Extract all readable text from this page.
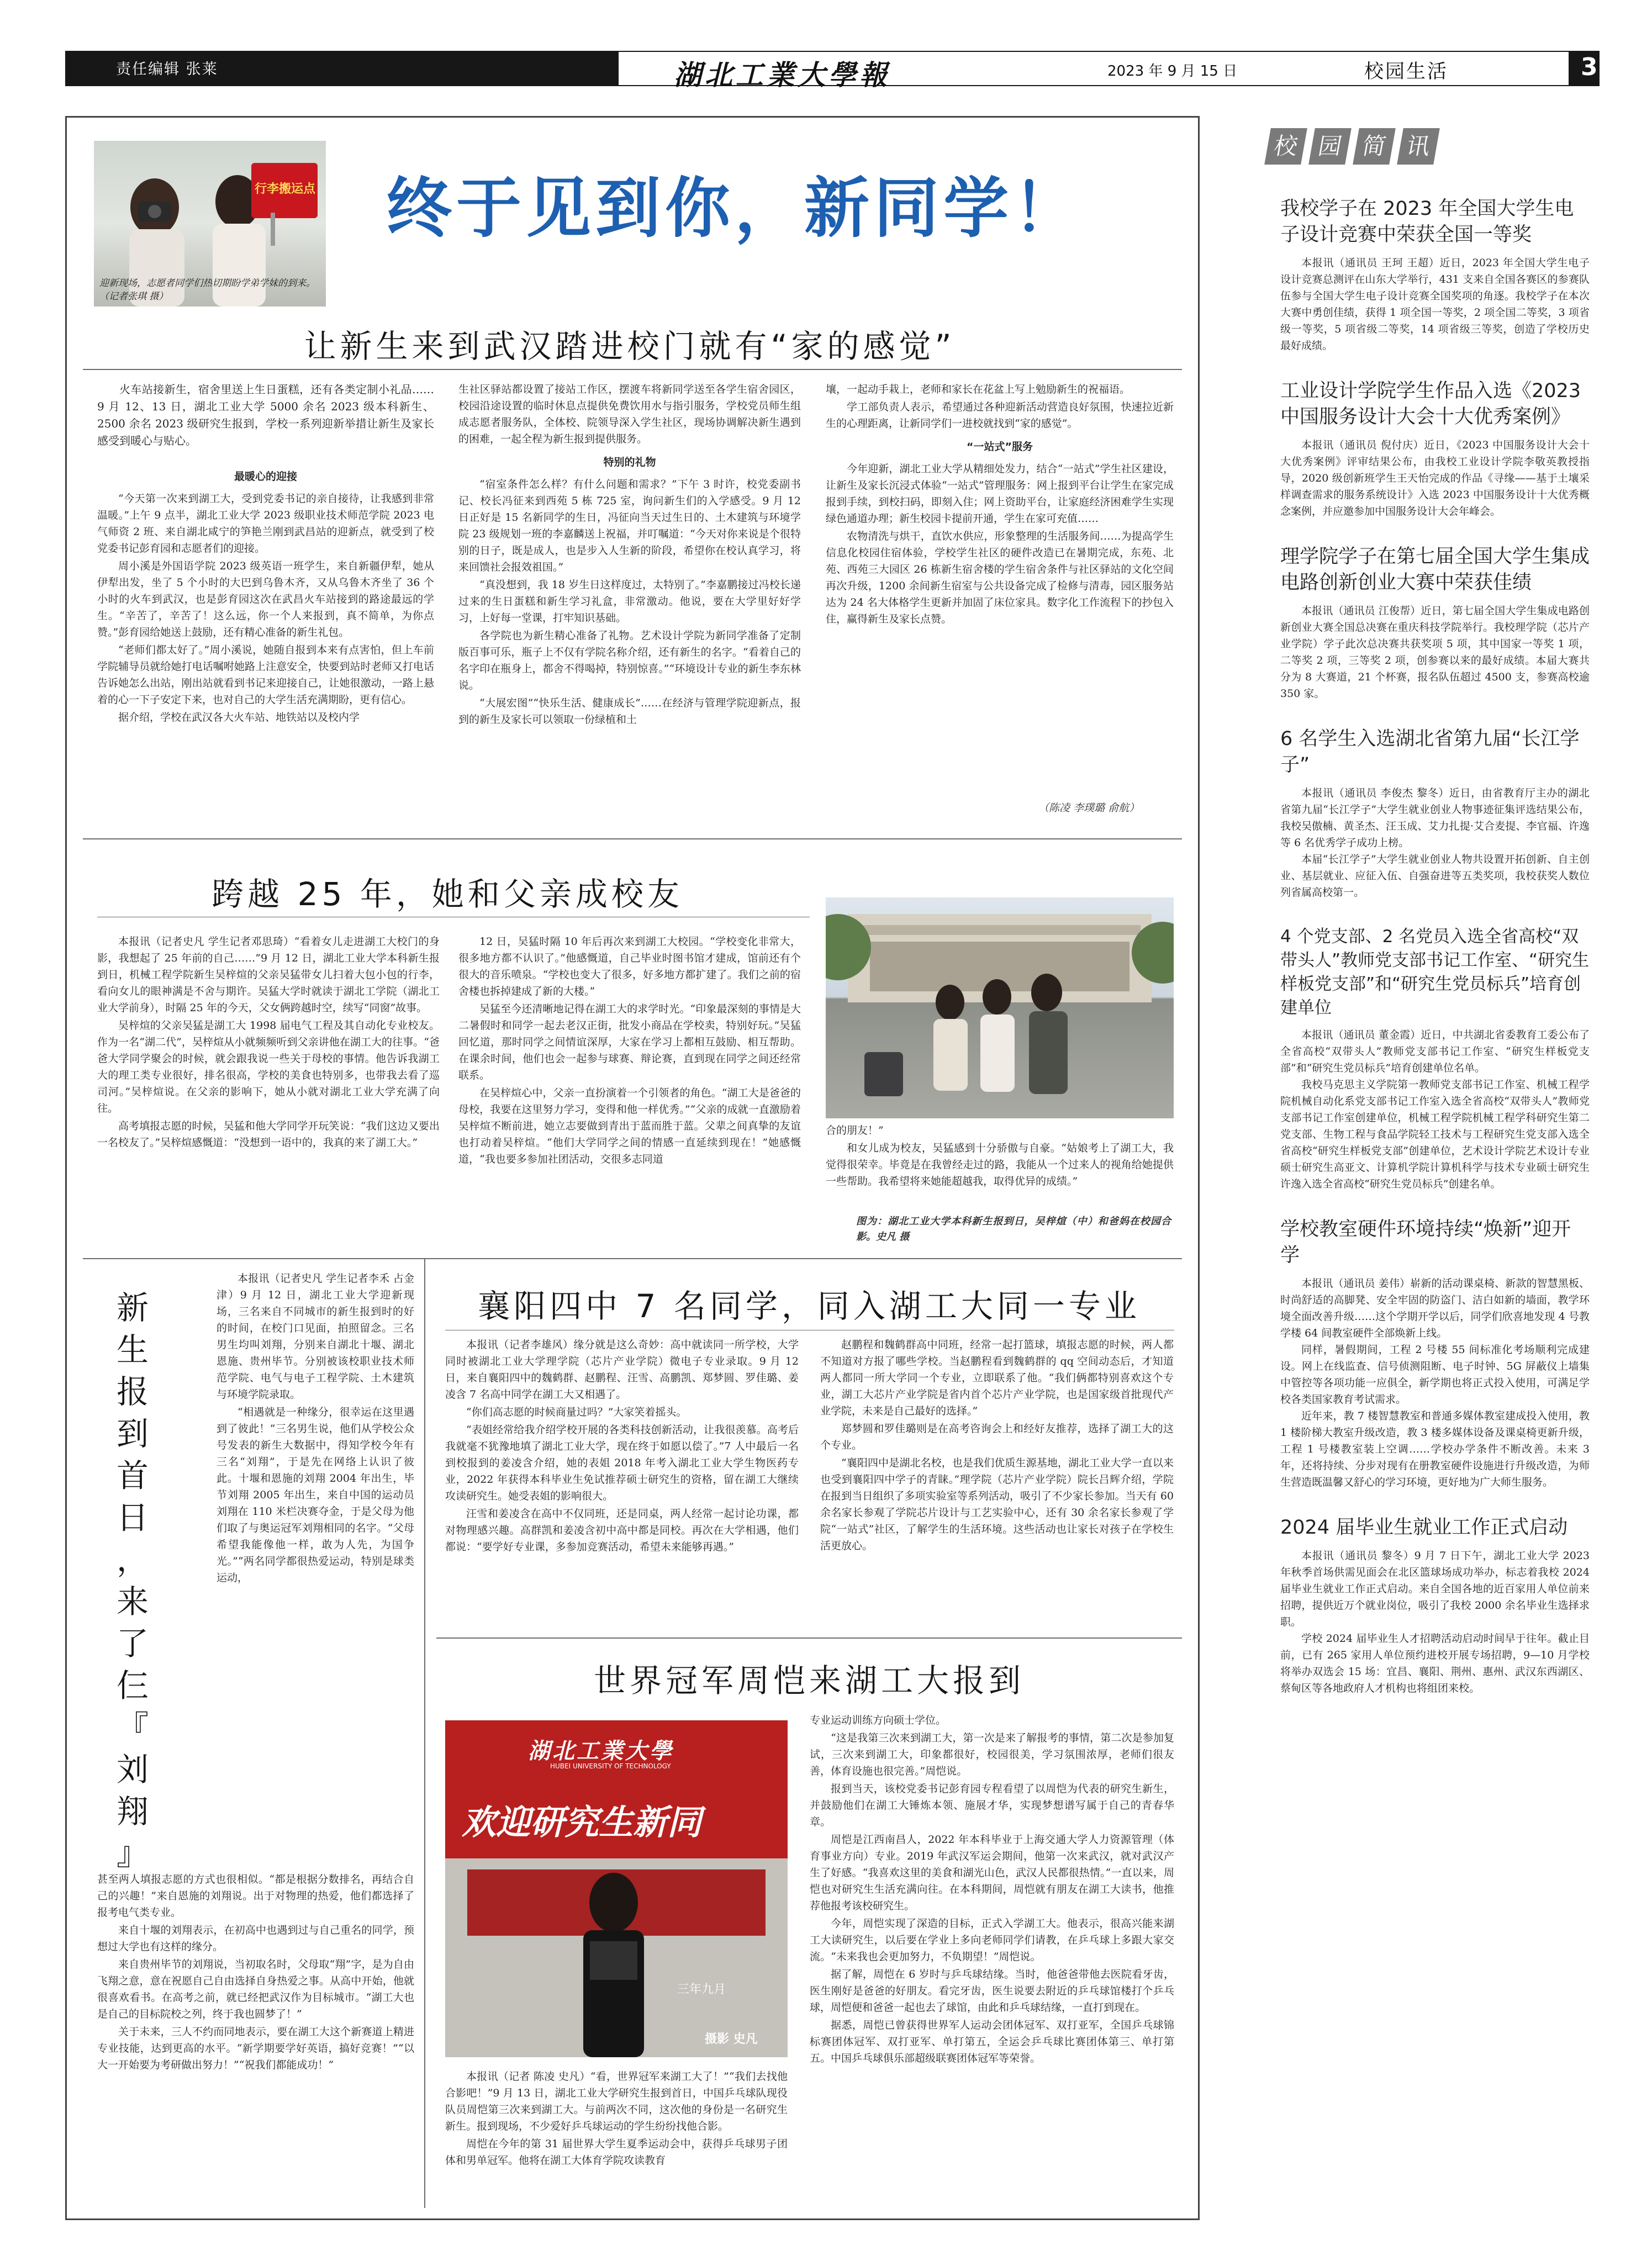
责任编辑 张莱	湖北工業大學報	2023 年 9 月 15 日	校园生活	3
行李搬运点
迎新现场，志愿者同学们热切期盼学弟学妹的到来。（记者张琪 摄）
终于见到你，新同学！
让新生来到武汉踏进校门就有“家的感觉”
火车站接新生，宿舍里送上生日蛋糕，还有各类定制小礼品……9 月 12、13 日，湖北工业大学 5000 余名 2023 级本科新生、2500 余名 2023 级研究生报到，学校一系列迎新举措让新生及家长感受到暖心与贴心。
最暖心的迎接

“今天第一次来到湖工大，受到党委书记的亲自接待，让我感到非常温暖。”上午 9 点半，湖北工业大学 2023 级职业技术师范学院 2023 电气师资 2 班、来自湖北咸宁的笋艳兰刚到武昌站的迎新点，就受到了校党委书记彭育园和志愿者们的迎接。

周小溪是外国语学院 2023 级英语一班学生，来自新疆伊犁，她从伊犁出发，坐了 5 个小时的大巴到乌鲁木齐，又从乌鲁木齐坐了 36 个小时的火车到武汉，也是彭育园这次在武昌火车站接到的路途最远的学生。“辛苦了，辛苦了！这么远，你一个人来报到，真不简单，为你点赞。”彭育园给她送上鼓励，还有精心准备的新生礼包。

“老师们都太好了。”周小溪说，她随自报到本来有点害怕，但上车前学院辅导员就给她打电话嘱咐她路上注意安全，快要到站时老师又打电话告诉她怎么出站，刚出站就看到书记来迎接自己，让她很激动，一路上悬着的心一下子安定下来，也对自己的大学生活充满期盼，更有信心。

据介绍，学校在武汉各大火车站、地铁站以及校内学

生社区驿站都设置了接站工作区，摆渡车将新同学送至各学生宿舍园区，校园沿途设置的临时休息点提供免费饮用水与指引服务，学校党员师生组成志愿者服务队，全体校、院领导深入学生社区，现场协调解决新生遇到的困难，一起全程为新生报到提供服务。

特别的礼物

“宿室条件怎么样？有什么问题和需求？”下午 3 时许，校党委副书记、校长冯征来到西苑 5 栋 725 室，询问新生们的入学感受。9 月 12 日正好是 15 名新同学的生日，冯征向当天过生日的、土木建筑与环境学院 23 级规划一班的李嘉麟送上祝福，并叮嘱道：“今天对你来说是个很特别的日子，既是成人，也是步入人生新的阶段，希望你在校认真学习，将来回馈社会报效祖国。”

“真没想到，我 18 岁生日这样度过，太特别了。”李嘉鹏接过冯校长递过来的生日蛋糕和新生学习礼盒，非常激动。他说，要在大学里好好学习，上好每一堂课，打牢知识基础。

各学院也为新生精心准备了礼物。艺术设计学院为新同学准备了定制版百事可乐，瓶子上不仅有学院名称介绍，还有新生的名字。“看着自己的名字印在瓶身上，都舍不得喝掉，特别惊喜。”“环境设计专业的新生李东林说。

“大展宏图”“快乐生活、健康成长”……在经济与管理学院迎新点，报到的新生及家长可以领取一份绿植和土

壤，一起动手栽上，老师和家长在花盆上写上勉励新生的祝福语。

学工部负责人表示，希望通过各种迎新活动营造良好氛围，快速拉近新生的心理距离，让新同学们一进校就找到“家的感觉”。

“一站式”服务

今年迎新，湖北工业大学从精细处发力，结合“一站式”学生社区建设，让新生及家长沉浸式体验“一站式”管理服务：网上报到平台让学生在家完成报到手续，到校扫码，即刻入住；网上资助平台，让家庭经济困难学生实现绿色通道办理；新生校园卡提前开通，学生在家可充值……

农物清洗与烘干，直饮水供应，形象整理的生活服务间……为提高学生信息化校园住宿体验，学校学生社区的硬件改造已在暑期完成，东苑、北苑、西苑三大园区 26 栋新生宿舍楼的学生宿舍条件与社区驿站的文化空间再次升级，1200 余间新生宿室与公共设备完成了检修与清毒，园区服务站达为 24 名大体格学生更新并加固了床位家具。数字化工作流程下的抄包入住，赢得新生及家长点赞。

（陈凌 李璞璐 俞航）
跨越 25 年，她和父亲成校友

本报讯（记者史凡 学生记者邓思琦）“看着女儿走进湖工大校门的身影，我想起了 25 年前的自己……”9 月 12 日，湖北工业大学本科新生报到日，机械工程学院新生吴梓煊的父亲吴猛带女儿扫着大包小包的行李，看向女儿的眼神满是不舍与期许。吴猛大学时就读于湖北工学院（湖北工业大学前身），时隔 25 年的今天，父女俩跨越时空，续写“同窗”故事。

吴梓煊的父亲吴猛是湖工大 1998 届电气工程及其自动化专业校友。作为一名“湖二代”，吴梓煊从小就频频听到父亲讲他在湖工大的往事。“爸爸大学同学聚会的时候，就会跟我说一些关于母校的事情。他告诉我湖工大的理工类专业很好，排名很高，学校的美食也特别多，也带我去看了巡司河。”吴梓煊说。在父亲的影响下，她从小就对湖北工业大学充满了向往。

高考填报志愿的时候，吴猛和他大学同学开玩笑说：“我们这边又要出一名校友了。”吴梓煊感慨道：“没想到一语中的，我真的来了湖工大。”

12 日，吴猛时隔 10 年后再次来到湖工大校园。“学校变化非常大，很多地方都不认识了。”他感慨道，自己毕业时图书馆才建成，馆前还有个很大的音乐喷泉。“学校也变大了很多，好多地方都扩建了。我们之前的宿舍楼也拆掉建成了新的大楼。”

吴猛至今还清晰地记得在湖工大的求学时光。“印象最深刻的事情是大二暑假时和同学一起去老汉正街，批发小商品在学校卖，特别好玩。”吴猛回忆道，那时同学之间情谊深厚，大家在学习上都相互鼓励、相互帮助。在课余时间，他们也会一起参与球赛、辩论赛，直到现在同学之间还经常联系。

在吴梓煊心中，父亲一直扮演着一个引领者的角色。“湖工大是爸爸的母校，我要在这里努力学习，变得和他一样优秀。”“父亲的成就一直激励着吴梓煊不断前进，她立志要做到青出于蓝而胜于蓝。父辈之间真挚的友谊也打动着吴梓煊。“他们大学同学之间的情感一直延续到现在！”她感慨道，“我也要多参加社团活动，交很多志同道

合的朋友！”

和女儿成为校友，吴猛感到十分骄傲与自豪。“姑娘考上了湖工大，我觉得很荣幸。毕竟是在我曾经走过的路，我能从一个过来人的视角给她提供一些帮助。我希望将来她能超越我，取得优异的成绩。”

图为：湖北工业大学本科新生报到日，吴梓煊（中）和爸妈在校园合影。史凡 摄
新
生
报
到
首
日
，
来
了
仨
『
刘
翔
』

本报讯（记者史凡 学生记者李禾 占金津）9 月 12 日，湖北工业大学迎新现场，三名来自不同城市的新生报到时的好的时间，在校门口见面，拍照留念。三名男生均叫刘翔，分别来自湖北十堰、湖北恩施、贵州毕节。分别被该校职业技术师范学院、电气与电子工程学院、土木建筑与环境学院录取。

“相遇就是一种缘分，很幸运在这里遇到了彼此！”三名男生说，他们从学校公众号发表的新生大数据中，得知学校今年有三名“刘翔”，于是先在网络上认识了彼此。十堰和恩施的刘翔 2004 年出生，毕节刘翔 2005 年出生，来自中国的运动员刘翔在 110 米栏决赛夺金，于是父母为他们取了与奥运冠军刘翔相同的名字。“父母希望我能像他一样，敢为人先，为国争光。”“两名同学都很热爱运动，特别是球类运动，

甚至两人填报志愿的方式也很相似。“都是根据分数排名，再结合自己的兴趣！”来自恩施的刘翔说。出于对物理的热爱，他们都选择了报考电气类专业。

来自十堰的刘翔表示，在初高中也遇到过与自己重名的同学，预想过大学也有这样的缘分。

来自贵州毕节的刘翔说，当初取名时，父母取“翔”字，是为自由飞翔之意，意在祝愿自己自由选择自身热爱之事。从高中开始，他就很喜欢看书。在高考之前，就已经把武汉作为目标城市。“湖工大也是自己的目标院校之列，终于我也圆梦了！”

关于未来，三人不约而同地表示，要在湖工大这个新赛道上精进专业技能，达到更高的水平。“新学期要学好英语，搞好竞赛！”“以大一开始要为考研做出努力！”“祝我们都能成功！”

襄阳四中 7 名同学，同入湖工大同一专业

本报讯（记者李雄风）缘分就是这么奇妙：高中就读同一所学校，大学同时被湖北工业大学理学院（芯片产业学院）微电子专业录取。9 月 12 日，来自襄阳四中的魏鹤群、赵鹏程、汪雪、高鹏凯、郑梦圆、罗佳璐、姜凌含 7 名高中同学在湖工大又相遇了。

“你们高志愿的时候商量过吗？”大家笑着摇头。

“表姐经常给我介绍学校开展的各类科技创新活动，让我很羡慕。高考后我就毫不犹豫地填了湖北工业大学，现在终于如愿以偿了。”7 人中最后一名到校报到的姜凌含介绍，她的表姐 2018 年考入湖北工业大学生物医药专业，2022 年获得本科毕业生免试推荐硕士研究生的资格，留在湖工大继续攻读研究生。她受表姐的影响很大。

汪雪和姜凌含在高中不仅同班，还是同桌，两人经常一起讨论功课，都对物理感兴趣。高群凯和姜凌含初中高中都是同校。再次在大学相遇，他们都说：“要学好专业课，多参加竞赛活动，希望未来能够再遇。”

赵鹏程和魏鹤群高中同班，经常一起打篮球，填报志愿的时候，两人都不知道对方报了哪些学校。当赵鹏程看到魏鹤群的 qq 空间动态后，才知道两人都同一所大学同一个专业，立即联系了他。“我们俩都特别喜欢这个专业，湖工大芯片产业学院是省内首个芯片产业学院，也是国家级首批现代产业学院，未来是自己最好的选择。”

郑梦圆和罗佳璐则是在高考咨询会上和经好友推荐，选择了湖工大的这个专业。

“襄阳四中是湖北名校，也是我们优质生源基地，湖北工业大学一直以来也受到襄阳四中学子的青睐。”理学院（芯片产业学院）院长吕辉介绍，学院在报到当日组织了多项实验室等系列活动，吸引了不少家长参加。当天有 60 余名家长参观了学院芯片设计与工艺实验中心，还有 30 余名家长参观了学院“一站式”社区，了解学生的生活环境。这些活动也让家长对孩子在学校生活更放心。

世界冠军周恺来湖工大报到
湖北工業大學
HUBEI UNIVERSITY OF TECHNOLOGY
欢迎研究生新同
三年九月
摄影 史凡

本报讯（记者 陈凌 史凡）“看，世界冠军来湖工大了！”“我们去找他合影吧！”9 月 13 日，湖北工业大学研究生报到首日，中国乒乓球队现役队员周恺第三次来到湖工大。与前两次不同，这次他的身份是一名研究生新生。报到现场，不少爱好乒乓球运动的学生纷纷找他合影。

周恺在今年的第 31 届世界大学生夏季运动会中，获得乒乓球男子团体和男单冠军。他将在湖工大体育学院攻读教育

专业运动训练方向硕士学位。

“这是我第三次来到湖工大，第一次是来了解报考的事情，第二次是参加复试，三次来到湖工大，印象都很好，校园很美，学习氛围浓厚，老师们很友善，体育设施也很完善。”周恺说。

报到当天，该校党委书记彭育园专程看望了以周恺为代表的研究生新生，并鼓励他们在湖工大锤炼本领、施展才华，实现梦想谱写属于自己的青春华章。

周恺是江西南昌人，2022 年本科毕业于上海交通大学人力资源管理（体育事业方向）专业。2019 年武汉军运会期间，他第一次来武汉，就对武汉产生了好感。“我喜欢这里的美食和湖光山色，武汉人民都很热情。”一直以来，周恺也对研究生生活充满向往。在本科期间，周恺就有朋友在湖工大读书，他推荐他报考该校研究生。

今年，周恺实现了深造的目标，正式入学湖工大。他表示，很高兴能来湖工大读研究生，以后要在学业上多向老师同学们请教，在乒乓球上多跟大家交流。“未来我也会更加努力，不负期望！”周恺说。

据了解，周恺在 6 岁时与乒乓球结缘。当时，他爸爸带他去医院看牙齿，医生刚好是爸爸的好朋友。看完牙齿，医生说要去附近的乒乓球馆楼打个乒乓球，周恺便和爸爸一起也去了球馆，由此和乒乓球结缘，一直打到现在。

据悉，周恺已曾获得世界军人运动会团体冠军、双打亚军，全国乒乓球锦标赛团体冠军、双打亚军、单打第五，全运会乒乓球比赛团体第三、单打第五。中国乒乓球俱乐部超级联赛团体冠军等荣誉。

校 园 简 讯
我校学子在 2023 年全国大学生电子设计竞赛中荣获全国一等奖
本报讯（通讯员 王珂 王超）近日，2023 年全国大学生电子设计竞赛总测评在山东大学举行，431 支来自全国各赛区的参赛队伍参与全国大学生电子设计竞赛全国奖项的角逐。我校学子在本次大赛中勇创佳绩，获得 1 项全国一等奖，2 项全国二等奖，3 项省级一等奖，5 项省级二等奖，14 项省级三等奖，创造了学校历史最好成绩。
工业设计学院学生作品入选《2023 中国服务设计大会十大优秀案例》
本报讯（通讯员 倪付庆）近日，《2023 中国服务设计大会十大优秀案例》评审结果公布，由我校工业设计学院李敬英教授指导，2020 级创新班学生王天怡完成的作品《寻缘——基于土壤采样调查需求的服务系统设计》入选 2023 中国服务设计十大优秀概念案例，并应邀参加中国服务设计大会年峰会。
理学院学子在第七届全国大学生集成电路创新创业大赛中荣获佳绩
本报讯（通讯员 江俊帮）近日，第七届全国大学生集成电路创新创业大赛全国总决赛在重庆科技学院举行。我校理学院（芯片产业学院）学子此次总决赛共获奖项 5 项，其中国家一等奖 1 项，二等奖 2 项，三等奖 2 项，创参赛以来的最好成绩。本届大赛共分为 8 大赛道，21 个杯赛，报名队伍超过 4500 支，参赛高校逾 350 家。
6 名学生入选湖北省第九届“长江学子”
本报讯（通讯员 李俊杰 黎冬）近日，由省教育厅主办的湖北省第九届“长江学子”大学生就业创业人物事迹征集评选结果公布，我校吴傲楠、黄圣杰、汪玉成、艾力扎提·艾合麦提、李官福、许逸等 6 名优秀学子成功上榜。
本届“长江学子”大学生就业创业人物共设置开拓创新、自主创业、基层就业、应征入伍、自强奋进等五类奖项，我校获奖人数位列省属高校第一。
4 个党支部、2 名党员入选全省高校“双带头人”教师党支部书记工作室、“研究生样板党支部”和“研究生党员标兵”培育创建单位
本报讯（通讯员 董金霞）近日，中共湖北省委教育工委公布了全省高校“双带头人”教师党支部书记工作室、“研究生样板党支部”和“研究生党员标兵”培育创建单位名单。
我校马克思主义学院第一教师党支部书记工作室、机械工程学院机械自动化系党支部书记工作室入选全省高校“双带头人”教师党支部书记工作室创建单位，机械工程学院机械工程学科研究生第二党支部、生物工程与食品学院轻工技术与工程研究生党支部入选全省高校“研究生样板党支部”创建单位，艺术设计学院艺术设计专业硕士研究生高亚文、计算机学院计算机科学与技术专业硕士研究生许逸入选全省高校“研究生党员标兵”创建名单。
学校教室硬件环境持续“焕新”迎开学
本报讯（通讯员 姜伟）崭新的活动课桌椅、新款的智慧黑板、时尚舒适的高脚凳、安全牢固的防盗门、洁白如新的墙面，教学环境全面改善升级……这个学期开学以后，同学们欣喜地发现 4 号教学楼 64 间教室硬件全部焕新上线。
同样，暑假期间，工程 2 号楼 55 间标准化考场顺利完成建设。网上在线监查、信号侦测阻断、电子时钟、5G 屏蔽仪上墙集中管控等各项功能一应俱全，新学期也将正式投入使用，可满足学校各类国家教育考试需求。
近年来，教 7 楼智慧教室和普通多媒体教室建成投入使用，教 1 楼阶梯大教室升级改造，教 3 楼多媒体设备及课桌椅更新升级，工程 1 号楼教室装上空调……学校办学条件不断改善。未来 3 年，还将持续、分步对现有在册教室硬件设施进行升级改造，为师生营造既温馨又舒心的学习环境，更好地为广大师生服务。
2024 届毕业生就业工作正式启动
本报讯（通讯员 黎冬）9 月 7 日下午，湖北工业大学 2023 年秋季首场供需见面会在北区篮球场成功举办，标志着我校 2024 届毕业生就业工作正式启动。来自全国各地的近百家用人单位前来招聘，提供近万个就业岗位，吸引了我校 2000 余名毕业生选择求职。
学校 2024 届毕业生人才招聘活动启动时间早于往年。截止目前，已有 265 家用人单位预约进校开展专场招聘，9—10 月学校将举办双选会 15 场：宜昌、襄阳、荆州、惠州、武汉东西湖区、蔡甸区等各地政府人才机构也将组团来校。
